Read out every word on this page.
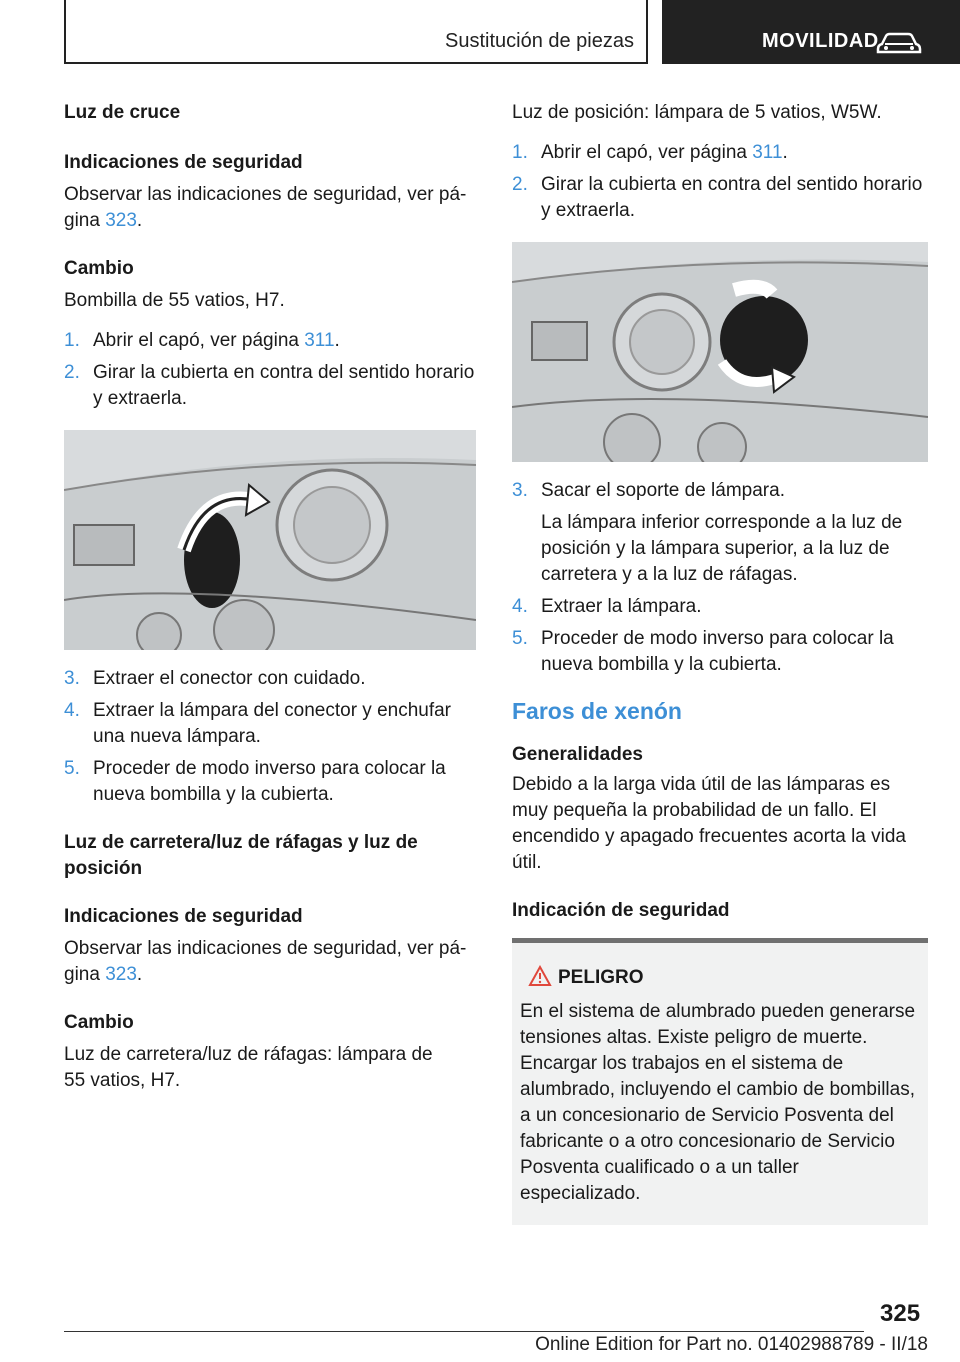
Sustitución de piezas	MOVILIDAD

Luz de cruce

Indicaciones de seguridad

Observar las indicaciones de seguridad, ver pá-
gina 323.

Cambio

Bombilla de 55 vatios, H7.

1. Abrir el capó, ver página 311.

2. Girar la cubierta en contra del sentido horario y extraerla.

3. Extraer el conector con cuidado.

4. Extraer la lámpara del conector y enchufar una nueva lámpara.

5. Proceder de modo inverso para colocar la nueva bombilla y la cubierta.

Luz de carretera/luz de ráfagas y luz de posición

Indicaciones de seguridad

Observar las indicaciones de seguridad, ver pá-
gina 323.

Cambio

Luz de carretera/luz de ráfagas: lámpara de 55 vatios, H7.

Luz de posición: lámpara de 5 vatios, W5W.

1. Abrir el capó, ver página 311.

2. Girar la cubierta en contra del sentido horario y extraerla.

3. Sacar el soporte de lámpara.

La lámpara inferior corresponde a la luz de posición y la lámpara superior, a la luz de carretera y a la luz de ráfagas.

4. Extraer la lámpara.

5. Proceder de modo inverso para colocar la nueva bombilla y la cubierta.

Faros de xenón

Generalidades

Debido a la larga vida útil de las lámparas es muy pequeña la probabilidad de un fallo. El encendido y apagado frecuentes acorta la vida útil.

Indicación de seguridad

PELIGRO

En el sistema de alumbrado pueden generarse tensiones altas. Existe peligro de muerte. Encargar los trabajos en el sistema de alumbrado, incluyendo el cambio de bombillas, a un concesionario de Servicio Posventa del fabricante o a otro concesionario de Servicio Posventa cualificado o a un taller especializado.

325
Online Edition for Part no. 01402988789 - II/18
